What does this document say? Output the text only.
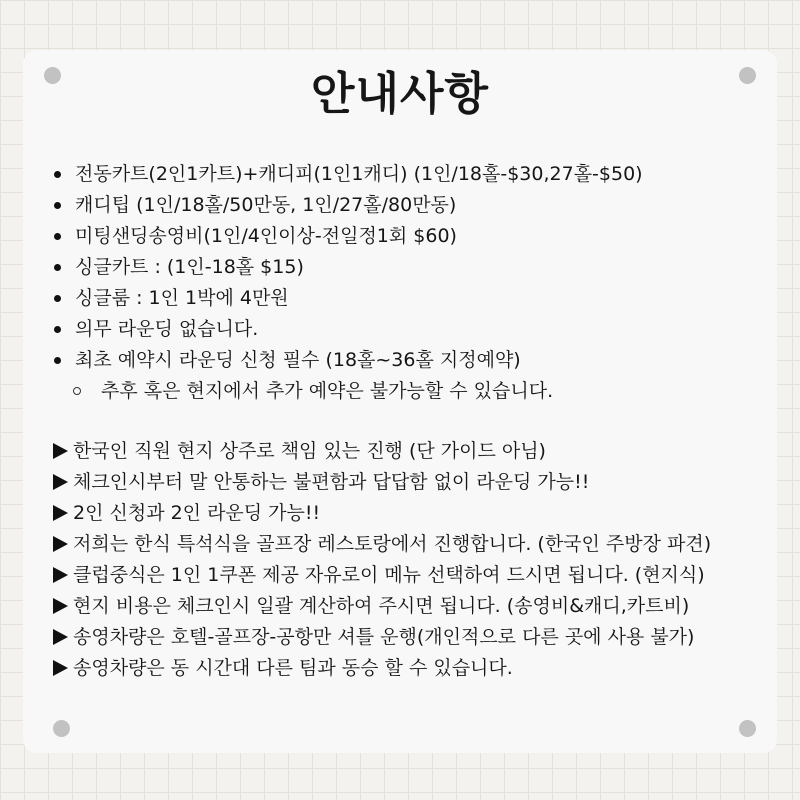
안내사항
전동카트(2인1카트)+캐디피(1인1캐디) (1인/18홀-$30,27홀-$50)
캐디팁 (1인/18홀/50만동, 1인/27홀/80만동)
미팅샌딩송영비(1인/4인이상-전일정1회 $60)
싱글카트 : (1인-18홀 $15)
싱글룸 : 1인 1박에 4만원
의무 라운딩 없습니다.
최초 예약시 라운딩 신청 필수 (18홀~36홀 지정예약)
추후 혹은 현지에서 추가 예약은 불가능할 수 있습니다.
한국인 직원 현지 상주로 책임 있는 진행 (단 가이드 아님)
체크인시부터 말 안통하는 불편함과 답답함 없이 라운딩 가능!!
2인 신청과 2인 라운딩 가능!!
저희는 한식 특석식을 골프장 레스토랑에서 진행합니다. (한국인 주방장 파견)
클럽중식은 1인 1쿠폰 제공 자유로이 메뉴 선택하여 드시면 됩니다. (현지식)
현지 비용은 체크인시 일괄 계산하여 주시면 됩니다. (송영비&캐디,카트비)
송영차량은 호텔-골프장-공항만 셔틀 운행(개인적으로 다른 곳에 사용 불가)
송영차량은 동 시간대 다른 팀과 동승 할 수 있습니다.
